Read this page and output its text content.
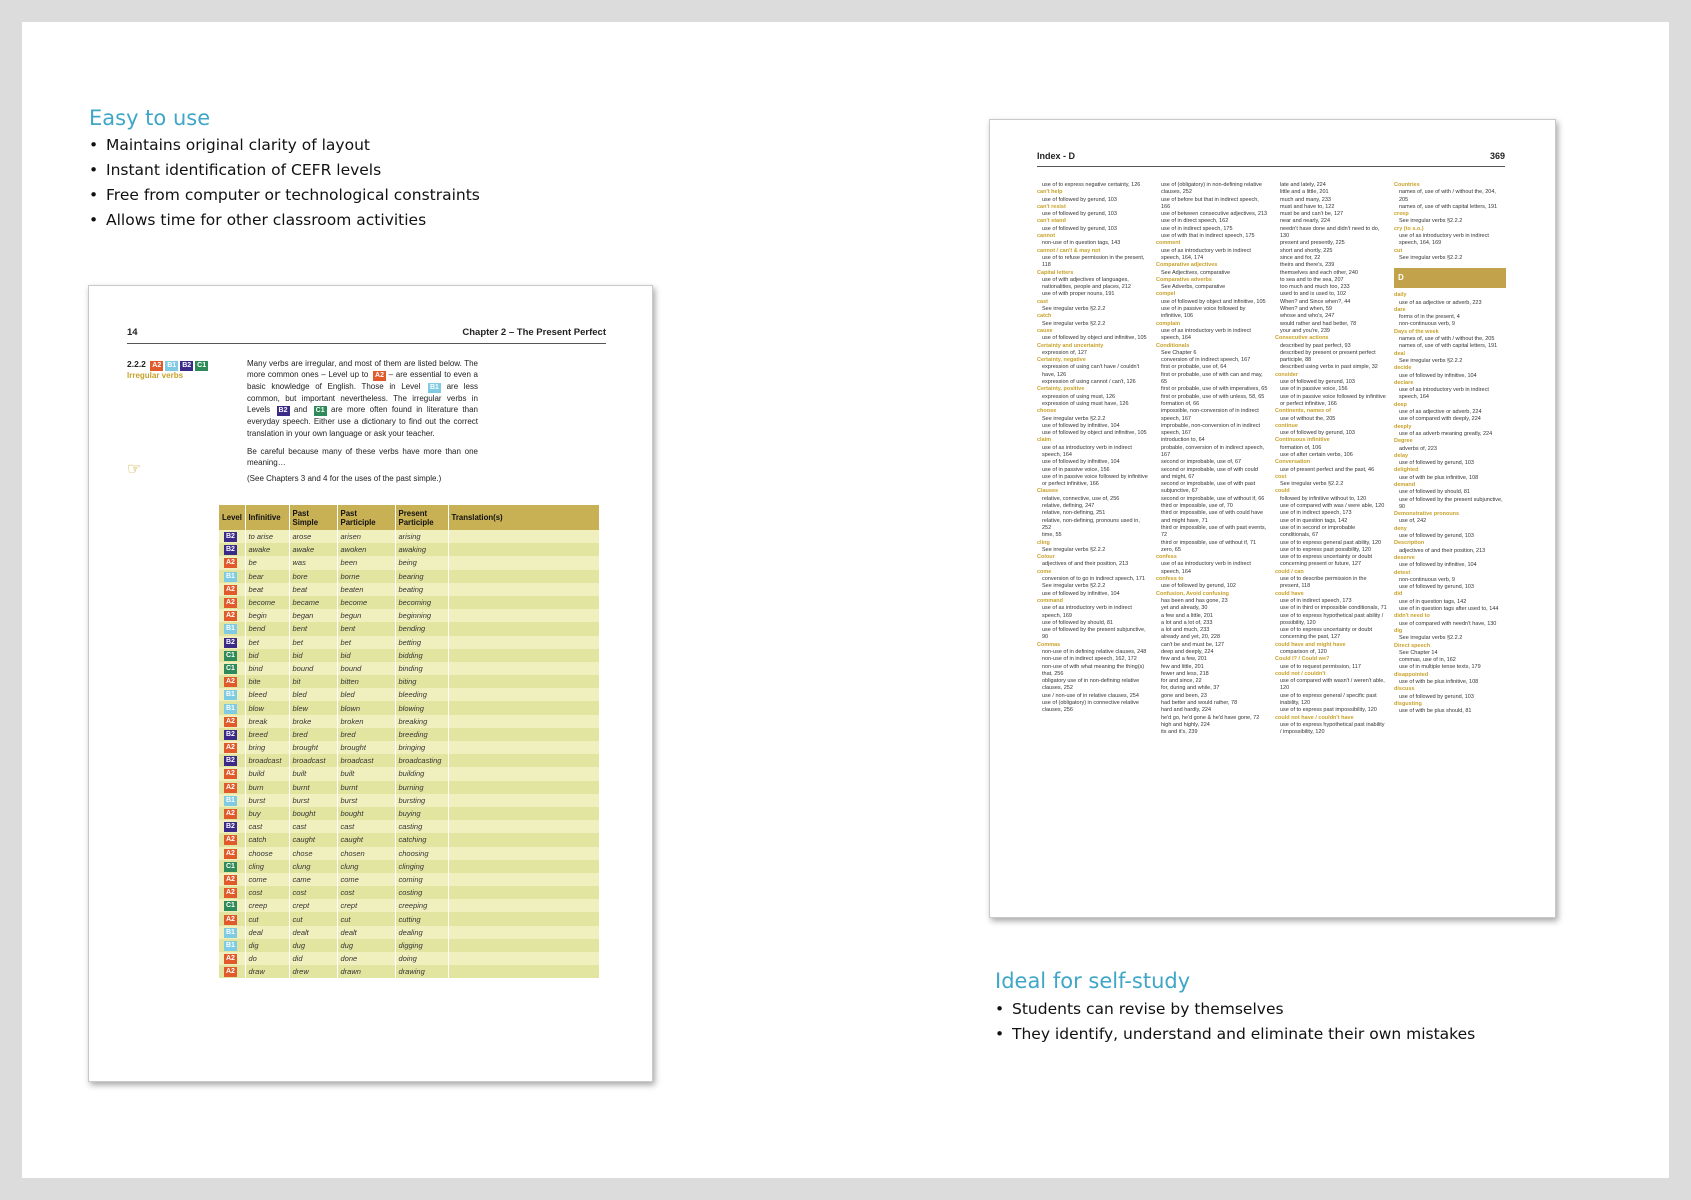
Easy to use
• Maintains original clarity of layout
• Instant identification of CEFR levels
• Free from computer or technological constraints
• Allows time for other classroom activities
Ideal for self-study
• Students can revise by themselves
• They identify, understand and eliminate their own mistakes
14	Chapter 2 – The Present Perfect
2.2.2 A2 B1 B2 C1
Irregular verbs
Many verbs are irregular, and most of them are listed below. The more common ones – Level up to A2 – are essential to even a basic knowledge of English. Those in Level B1 are less common, but important nevertheless. The irregular verbs in Levels B2 and C1 are more often found in literature than everyday speech. Either use a dictionary to find out the correct translation in your own language or ask your teacher.
Be careful because many of these verbs have more than one meaning…
(See Chapters 3 and 4 for the uses of the past simple.)
☞
Level	Infinitive	Past Simple	Past Participle	Present Participle	Translation(s)
B2	to arise	arose	arisen	arising	
B2	awake	awake	awoken	awaking	
A2	be	was	been	being	
B1	bear	bore	borne	bearing	
A2	beat	beat	beaten	beating	
A2	become	became	become	becoming	
A2	begin	began	begun	beginning	
B1	bend	bent	bent	bending	
B2	bet	bet	bet	betting	
C1	bid	bid	bid	bidding	
C1	bind	bound	bound	binding	
A2	bite	bit	bitten	biting	
B1	bleed	bled	bled	bleeding	
B1	blow	blew	blown	blowing	
A2	break	broke	broken	breaking	
B2	breed	bred	bred	breeding	
A2	bring	brought	brought	bringing	
B2	broadcast	broadcast	broadcast	broadcasting	
A2	build	built	built	building	
A2	burn	burnt	burnt	burning	
B1	burst	burst	burst	bursting	
A2	buy	bought	bought	buying	
B2	cast	cast	cast	casting	
A2	catch	caught	caught	catching	
A2	choose	chose	chosen	choosing	
C1	cling	clung	clung	clinging	
A2	come	came	come	coming	
A2	cost	cost	cost	costing	
C1	creep	crept	crept	creeping	
A2	cut	cut	cut	cutting	
B1	deal	dealt	dealt	dealing	
B1	dig	dug	dug	digging	
A2	do	did	done	doing	
A2	draw	drew	drawn	drawing	
Index - D	369
use of to express negative certainty, 126
can't help
use of followed by gerund, 103
can't resist
use of followed by gerund, 103
can't stand
use of followed by gerund, 103
cannot
non-use of in question tags, 143
cannot / can't & may not
use of to refuse permission in the present, 118
Capital letters
use of with adjectives of languages, nationalities, people and places, 212
use of with proper nouns, 191
cast
See irregular verbs §2.2.2
catch
See irregular verbs §2.2.2
cause
use of followed by object and infinitive, 105
Certainty and uncertainty
expression of, 127
Certainty, negative
expression of using can't have / couldn't have, 126
expression of using cannot / can't, 126
Certainty, positive
expression of using must, 126
expression of using must have, 126
choose
See irregular verbs §2.2.2
use of followed by infinitive, 104
use of followed by object and infinitive, 105
claim
use of as introductory verb in indirect speech, 164
use of followed by infinitive, 104
use of in passive voice, 156
use of in passive voice followed by infinitive or perfect infinitive, 166
Clauses
relative, connective, use of, 256
relative, defining, 247
relative, non-defining, 251
relative, non-defining, pronouns used in, 252
time, 55
cling
See irregular verbs §2.2.2
Colour
adjectives of and their position, 213
come
conversion of to go in indirect speech, 171
See irregular verbs §2.2.2
use of followed by infinitive, 104
command
use of as introductory verb in indirect speech, 169
use of followed by should, 81
use of followed by the present subjunctive, 90
Commas
non-use of in defining relative clauses, 248
non-use of in indirect speech, 162, 172
non-use of with what meaning the thing(s) that, 256
obligatory use of in non-defining relative clauses, 252
use / non-use of in relative clauses, 254
use of (obligatory) in connective relative clauses, 256
use of (obligatory) in non-defining relative clauses, 252
use of before but that in indirect speech, 166
use of between consecutive adjectives, 213
use of in direct speech, 162
use of in indirect speech, 175
use of with that in indirect speech, 175
comment
use of as introductory verb in indirect speech, 164, 174
Comparative adjectives
See Adjectives, comparative
Comparative adverbs
See Adverbs, comparative
compel
use of followed by object and infinitive, 105
use of in passive voice followed by infinitive, 106
complain
use of as introductory verb in indirect speech, 164
Conditionals
See Chapter 6
conversion of in indirect speech, 167
first or probable, use of, 64
first or probable, use of with can and may, 65
first or probable, use of with imperatives, 65
first or probable, use of with unless, 58, 65
formation of, 66
impossible, non-conversion of in indirect speech, 167
improbable, non-conversion of in indirect speech, 167
introduction to, 64
probable, conversion of in indirect speech, 167
second or improbable, use of, 67
second or improbable, use of with could and might, 67
second or improbable, use of with past subjunctive, 67
second or improbable, use of without if, 66
third or impossible, use of, 70
third or impossible, use of with could have and might have, 71
third or impossible, use of with past events, 72
third or impossible, use of without if, 71
zero, 65
confess
use of as introductory verb in indirect speech, 164
confess to
use of followed by gerund, 102
Confusion, Avoid confusing
has been and has gone, 23
yet and already, 30
a few and a little, 201
a lot and a lot of, 233
a lot and much, 233
already and yet, 20, 228
can't be and must be, 127
deep and deeply, 224
few and a few, 201
few and little, 201
fewer and less, 218
for and since, 22
for, during and while, 37
gone and been, 23
had better and would rather, 78
hard and hardly, 224
he'd go, he'd gone & he'd have gone, 72
high and highly, 224
its and it's, 239
late and lately, 224
little and a little, 201
much and many, 233
must and have to, 122
must be and can't be, 127
near and nearly, 224
needn't have done and didn't need to do, 130
present and presently, 225
short and shortly, 225
since and for, 22
theirs and there's, 239
themselves and each other, 240
to sea and to the sea, 207
too much and much too, 233
used to and is used to, 102
When? and Since when?, 44
When? and when, 59
whose and who's, 247
would rather and had better, 78
your and you're, 239
Consecutive actions
described by past perfect, 93
described by present or present perfect participle, 88
described using verbs in past simple, 32
consider
use of followed by gerund, 103
use of in passive voice, 156
use of in passive voice followed by infinitive or perfect infinitive, 166
Continents, names of
use of without the, 205
continue
use of followed by gerund, 103
Continuous infinitive
formation of, 106
use of after certain verbs, 106
Conversation
use of present perfect and the past, 46
cost
See irregular verbs §2.2.2
could
followed by infinitive without to, 120
use of compared with was / were able, 120
use of in indirect speech, 173
use of in question tags, 142
use of in second or improbable conditionals, 67
use of to express general past ability, 120
use of to express past possibility, 120
use of to express uncertainty or doubt concerning present or future, 127
could / can
use of to describe permission in the present, 118
could have
use of in indirect speech, 173
use of in third or impossible conditionals, 71
use of to express hypothetical past ability / possibility, 120
use of to express uncertainty or doubt concerning the past, 127
could have and might have
comparison of, 120
Could I? / Could we?
use of to request permission, 117
could not / couldn't
use of compared with wasn't / weren't able, 120
use of to express general / specific past inability, 120
use of to express past impossibility, 120
could not have / couldn't have
use of to express hypothetical past inability / impossibility, 120
Countries
names of, use of with / without the, 204, 205
names of, use of with capital letters, 191
creep
See irregular verbs §2.2.2
cry (to s.o.)
use of as introductory verb in indirect speech, 164, 169
cut
See irregular verbs §2.2.2
D
daily
use of as adjective or adverb, 223
dare
forms of in the present, 4
non-continuous verb, 9
Days of the week
names of, use of with / without the, 205
names of, use of with capital letters, 191
deal
See irregular verbs §2.2.2
decide
use of followed by infinitive, 104
declare
use of as introductory verb in indirect speech, 164
deep
use of as adjective or adverb, 224
use of compared with deeply, 224
deeply
use of as adverb meaning greatly, 224
Degree
adverbs of, 223
delay
use of followed by gerund, 103
delighted
use of with be plus infinitive, 108
demand
use of followed by should, 81
use of followed by the present subjunctive, 90
Demonstrative pronouns
use of, 242
deny
use of followed by gerund, 103
Description
adjectives of and their position, 213
deserve
use of followed by infinitive, 104
detest
non-continuous verb, 9
use of followed by gerund, 103
did
use of in question tags, 142
use of in question tags after used to, 144
didn't need to
use of compared with needn't have, 130
dig
See irregular verbs §2.2.2
Direct speech
See Chapter 14
commas, use of in, 162
use of in multiple tense texts, 179
disappointed
use of with be plus infinitive, 108
discuss
use of followed by gerund, 103
disgusting
use of with be plus should, 81
